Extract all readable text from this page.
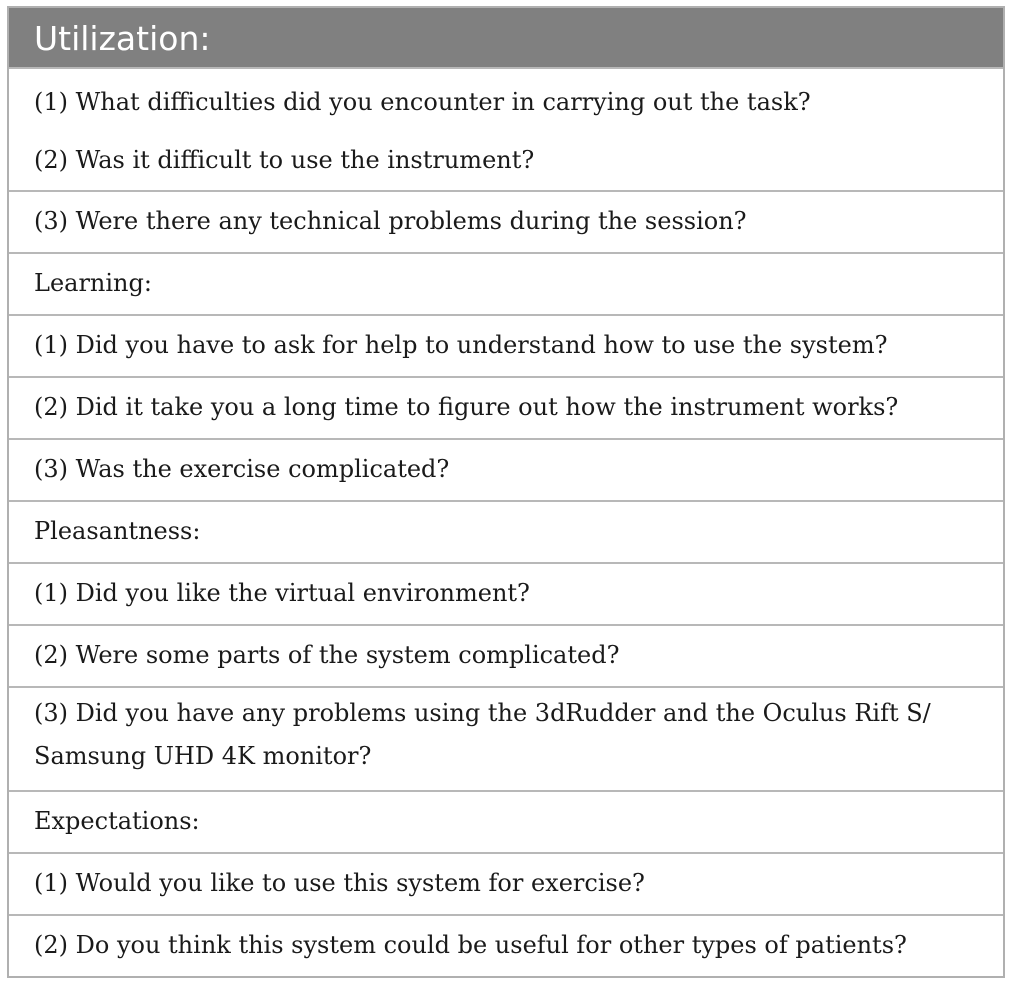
Utilization:
(1) What difficulties did you encounter in carrying out the task?
(2) Was it difficult to use the instrument?
(3) Were there any technical problems during the session?
Learning:
(1) Did you have to ask for help to understand how to use the system?
(2) Did it take you a long time to figure out how the instrument works?
(3) Was the exercise complicated?
Pleasantness:
(1) Did you like the virtual environment?
(2) Were some parts of the system complicated?
(3) Did you have any problems using the 3dRudder and the Oculus Rift S/
Samsung UHD 4K monitor?
Expectations:
(1) Would you like to use this system for exercise?
(2) Do you think this system could be useful for other types of patients?
